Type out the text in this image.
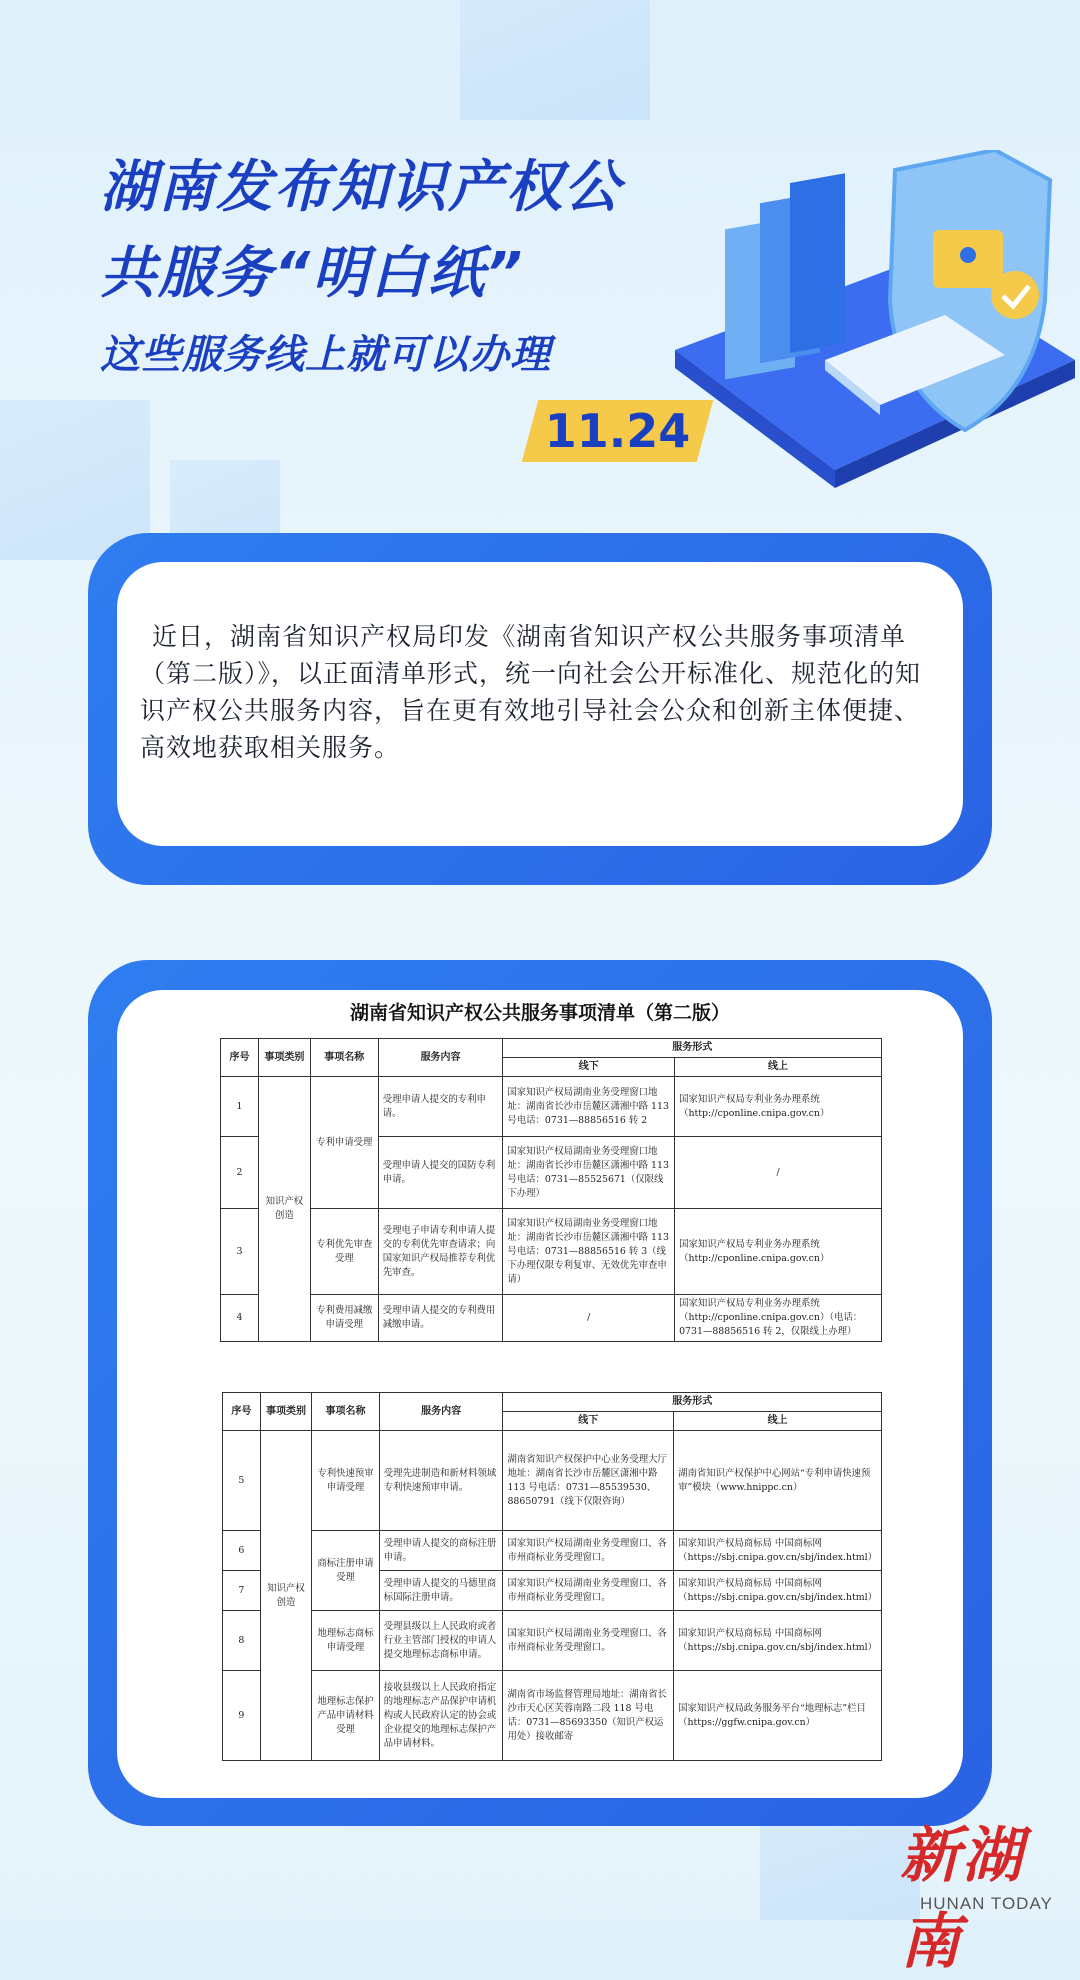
湖南发布知识产权公
共服务“明白纸”
这些服务线上就可以办理
11.24
近日，湖南省知识产权局印发《湖南省知识产权公共服务事项清单（第二版）》，以正面清单形式，统一向社会公开标准化、规范化的知识产权公共服务内容，旨在更有效地引导社会公众和创新主体便捷、高效地获取相关服务。
湖南省知识产权公共服务事项清单（第二版）
序号	事项类别	事项名称	服务内容	服务形式	
				线下	线上
1	知识产权创造	专利申请受理	受理申请人提交的专利申请。	国家知识产权局湖南业务受理窗口地址：湖南省长沙市岳麓区潇湘中路 113 号电话：0731—88856516 转 2	国家知识产权局专利业务办理系统（http://cponline.cnipa.gov.cn）
2			受理申请人提交的国防专利申请。	国家知识产权局湖南业务受理窗口地址：湖南省长沙市岳麓区潇湘中路 113 号电话：0731—85525671（仅限线下办理）	/
3		专利优先审查受理	受理电子申请专利申请人提交的专利优先审查请求；向国家知识产权局推荐专利优先审查。	国家知识产权局湖南业务受理窗口地址：湖南省长沙市岳麓区潇湘中路 113 号电话：0731—88856516 转 3（线下办理仅限专利复审、无效优先审查申请）	国家知识产权局专利业务办理系统（http://cponline.cnipa.gov.cn）
4		专利费用减缴申请受理	受理申请人提交的专利费用减缴申请。	/	国家知识产权局专利业务办理系统（http://cponline.cnipa.gov.cn）（电话：0731—88856516 转 2，仅限线上办理）
序号	事项类别	事项名称	服务内容	服务形式	
				线下	线上
5	知识产权创造	专利快速预审申请受理	受理先进制造和新材料领域专利快速预审申请。	湖南省知识产权保护中心业务受理大厅地址：湖南省长沙市岳麓区潇湘中路 113 号电话：0731—85539530、88650791（线下仅限咨询）	湖南省知识产权保护中心网站“专利申请快速预审”模块（www.hnippc.cn）
6		商标注册申请受理	受理申请人提交的商标注册申请。	国家知识产权局湖南业务受理窗口、各市州商标业务受理窗口。	国家知识产权局商标局 中国商标网（https://sbj.cnipa.gov.cn/sbj/index.html）
7			受理申请人提交的马德里商标国际注册申请。	国家知识产权局湖南业务受理窗口、各市州商标业务受理窗口。	国家知识产权局商标局 中国商标网（https://sbj.cnipa.gov.cn/sbj/index.html）
8		地理标志商标申请受理	受理县级以上人民政府或者行业主管部门授权的申请人提交地理标志商标申请。	国家知识产权局湖南业务受理窗口、各市州商标业务受理窗口。	国家知识产权局商标局 中国商标网（https://sbj.cnipa.gov.cn/sbj/index.html）
9		地理标志保护产品申请材料受理	接收县级以上人民政府指定的地理标志产品保护申请机构或人民政府认定的协会或企业提交的地理标志保护产品申请材料。	湖南省市场监督管理局地址：湖南省长沙市天心区芙蓉南路二段 118 号电话：0731—85693350（知识产权运用处）接收邮寄	国家知识产权局政务服务平台“地理标志”栏目（https://ggfw.cnipa.gov.cn）
新湖南
HUNAN TODAY
